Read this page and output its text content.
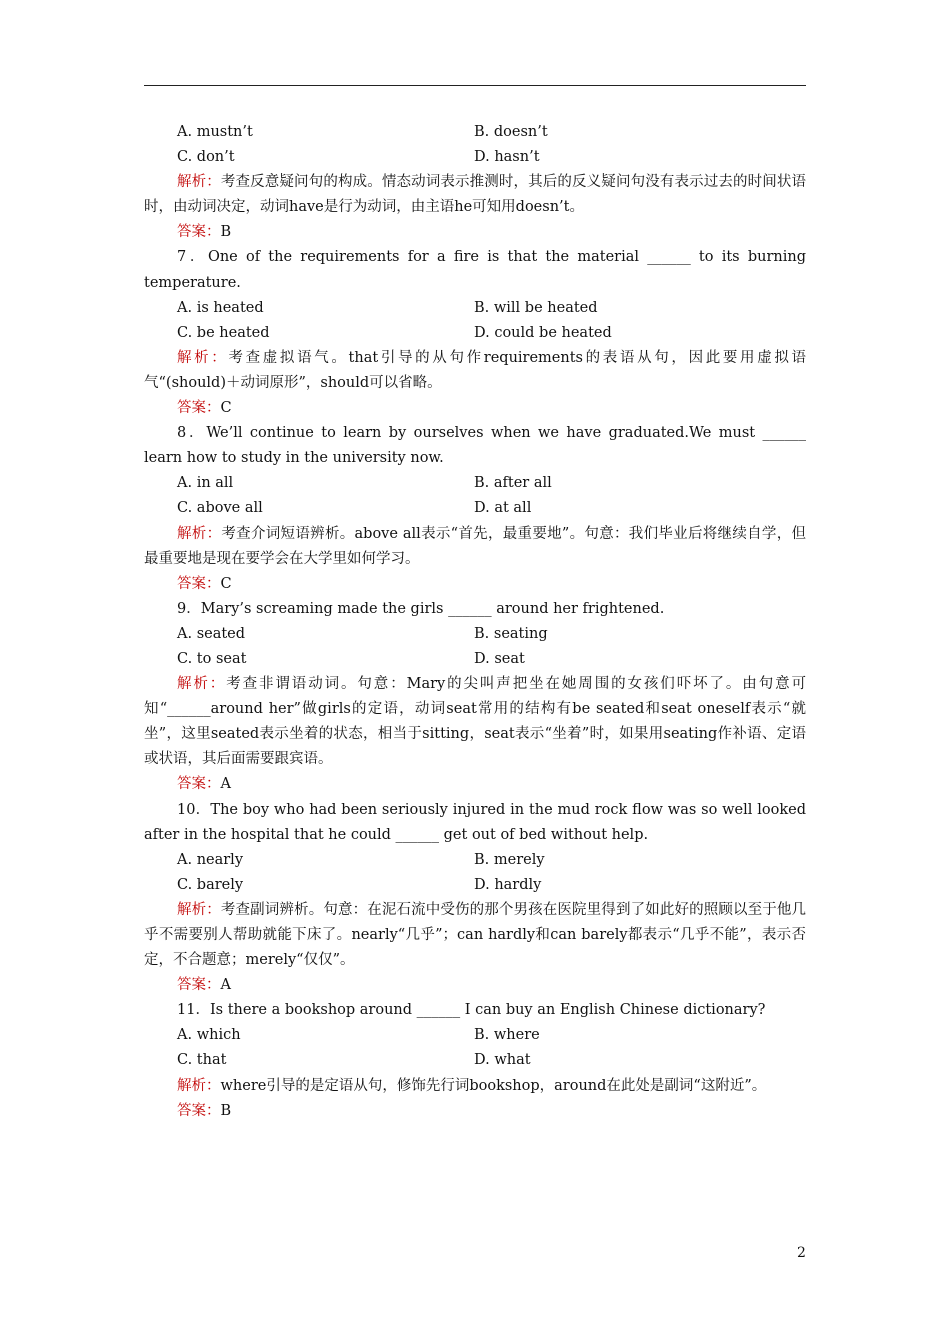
A. mustn’t	B. doesn’t
C. don’t	D. hasn’t
解析：考查反意疑问句的构成。情态动词表示推测时，其后的反义疑问句没有表示过去的时间状语时，由动词决定，动词have是行为动词，由主语he可知用doesn’t。
答案：B
7．One of the requirements for a fire is that the material ______ to its burning temperature.
A. is heated	B. will be heated
C. be heated	D. could be heated
解析：考查虚拟语气。that引导的从句作requirements的表语从句，因此要用虚拟语气“(should)＋动词原形”，should可以省略。
答案：C
8．We’ll continue to learn by ourselves when we have graduated.We must ______ learn how to study in the university now.
A. in all	B. after all
C. above all	D. at all
解析：考查介词短语辨析。above all表示“首先，最重要地”。句意：我们毕业后将继续自学，但最重要地是现在要学会在大学里如何学习。
答案：C
9．Mary’s screaming made the girls ______ around her frightened.
A. seated	B. seating
C. to seat	D. seat
解析：考查非谓语动词。句意：Mary的尖叫声把坐在她周围的女孩们吓坏了。由句意可知“______around her”做girls的定语，动词seat常用的结构有be seated和seat oneself表示“就坐”，这里seated表示坐着的状态，相当于sitting，seat表示“坐着”时，如果用seating作补语、定语或状语，其后面需要跟宾语。
答案：A
10．The boy who had been seriously injured in the mud rock flow was so well looked after in the hospital that he could ______ get out of bed without help.
A. nearly	B. merely
C. barely	D. hardly
解析：考查副词辨析。句意：在泥石流中受伤的那个男孩在医院里得到了如此好的照顾以至于他几乎不需要别人帮助就能下床了。nearly“几乎”；can hardly和can barely都表示“几乎不能”，表示否定，不合题意；merely“仅仅”。
答案：A
11．Is there a bookshop around ______ I can buy an English Chinese dictionary?
A. which	B. where
C. that	D. what
解析：where引导的是定语从句，修饰先行词bookshop，around在此处是副词“这附近”。
答案：B
2
